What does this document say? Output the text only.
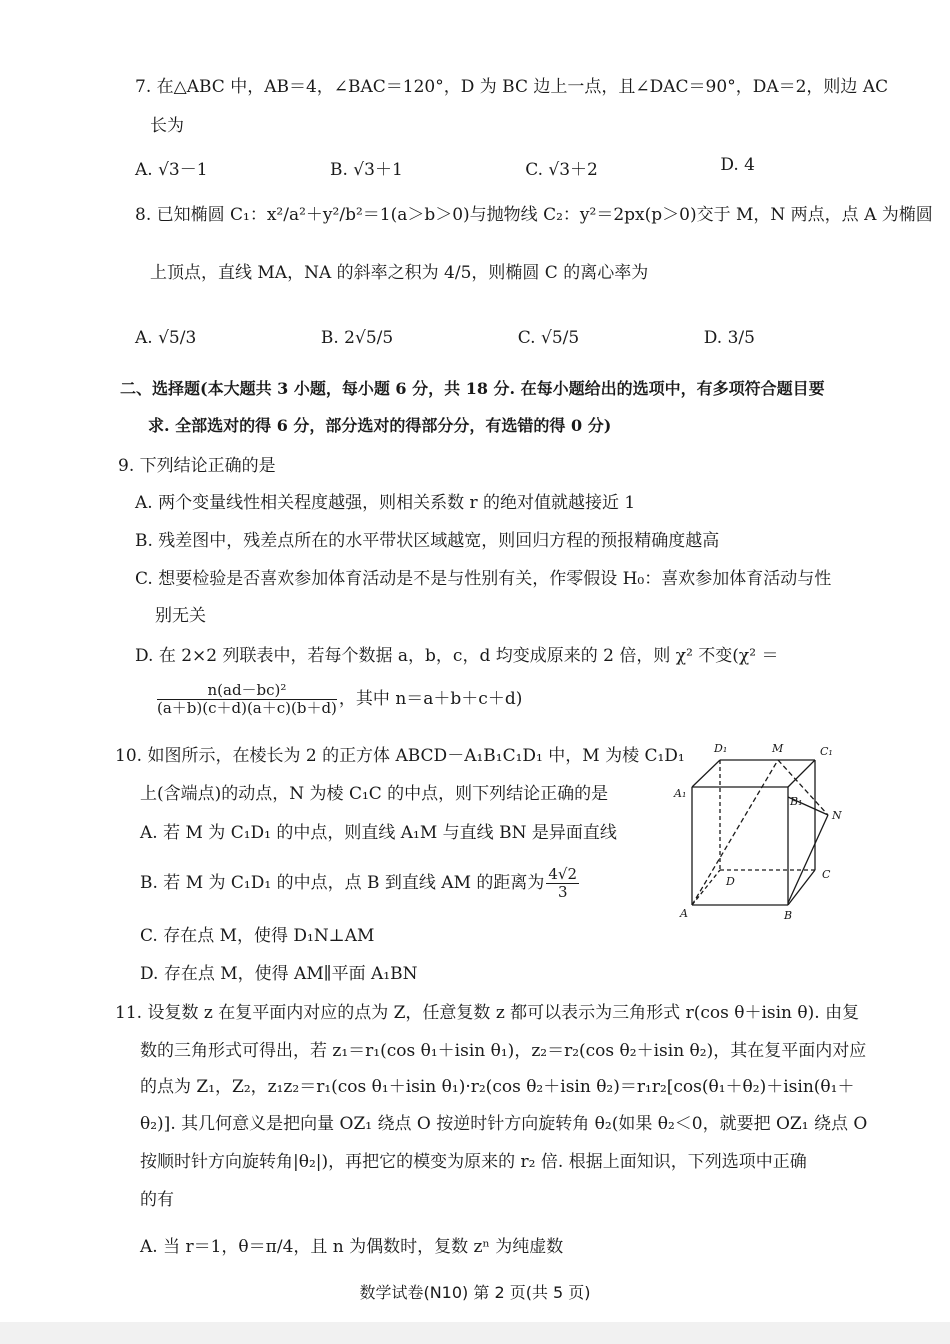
7. 在△ABC 中，AB＝4，∠BAC＝120°，D 为 BC 边上一点，且∠DAC＝90°，DA＝2，则边 AC
长为
A. √3－1	B. √3＋1	C. √3＋2	D. 4
8. 已知椭圆 C₁：x²/a²＋y²/b²＝1(a＞b＞0)与抛物线 C₂：y²＝2px(p＞0)交于 M，N 两点，点 A 为椭圆
上顶点，直线 MA，NA 的斜率之积为 4/5，则椭圆 C 的离心率为
A. √5/3	B. 2√5/5	C. √5/5	D. 3/5
二、选择题(本大题共 3 小题，每小题 6 分，共 18 分. 在每小题给出的选项中，有多项符合题目要
求. 全部选对的得 6 分，部分选对的得部分分，有选错的得 0 分)
9. 下列结论正确的是
A. 两个变量线性相关程度越强，则相关系数 r 的绝对值就越接近 1
B. 残差图中，残差点所在的水平带状区域越宽，则回归方程的预报精确度越高
C. 想要检验是否喜欢参加体育活动是不是与性别有关，作零假设 H₀：喜欢参加体育活动与性
别无关
D. 在 2×2 列联表中，若每个数据 a，b，c，d 均变成原来的 2 倍，则 χ² 不变(χ² ＝
$\frac{\text{n(ad－bc)²}}{(a+b)(c+d)(a+c)(b+d)}$ ，其中 n＝a＋b＋c＋d)
10. 如图所示，在棱长为 2 的正方体 ABCD－A₁B₁C₁D₁ 中，M 为棱 C₁D₁
上(含端点)的动点，N 为棱 C₁C 的中点，则下列结论正确的是
A. 若 M 为 C₁D₁ 的中点，则直线 A₁M 与直线 BN 是异面直线
B. 若 M 为 C₁D₁ 的中点，点 B 到直线 AM 的距离为 $\frac{4√2}{3}$
C. 存在点 M，使得 D₁N⊥AM
D. 存在点 M，使得 AM∥平面 A₁BN
D₁	M	C₁
A₁
B₁
N
D
C
A	B
11. 设复数 z 在复平面内对应的点为 Z，任意复数 z 都可以表示为三角形式 r(cos θ＋isin θ). 由复
数的三角形式可得出，若 z₁＝r₁(cos θ₁＋isin θ₁)，z₂＝r₂(cos θ₂＋isin θ₂)，其在复平面内对应
的点为 Z₁，Z₂，z₁z₂＝r₁(cos θ₁＋isin θ₁)·r₂(cos θ₂＋isin θ₂)＝r₁r₂[cos(θ₁＋θ₂)＋isin(θ₁＋
θ₂)]. 其几何意义是把向量 OZ₁ 绕点 O 按逆时针方向旋转角 θ₂(如果 θ₂＜0，就要把 OZ₁ 绕点 O
按顺时针方向旋转角|θ₂|)，再把它的模变为原来的 r₂ 倍. 根据上面知识，下列选项中正确
的有
A. 当 r＝1，θ＝π/4，且 n 为偶数时，复数 zⁿ 为纯虚数
数学试卷(N10) 第 2 页(共 5 页)
